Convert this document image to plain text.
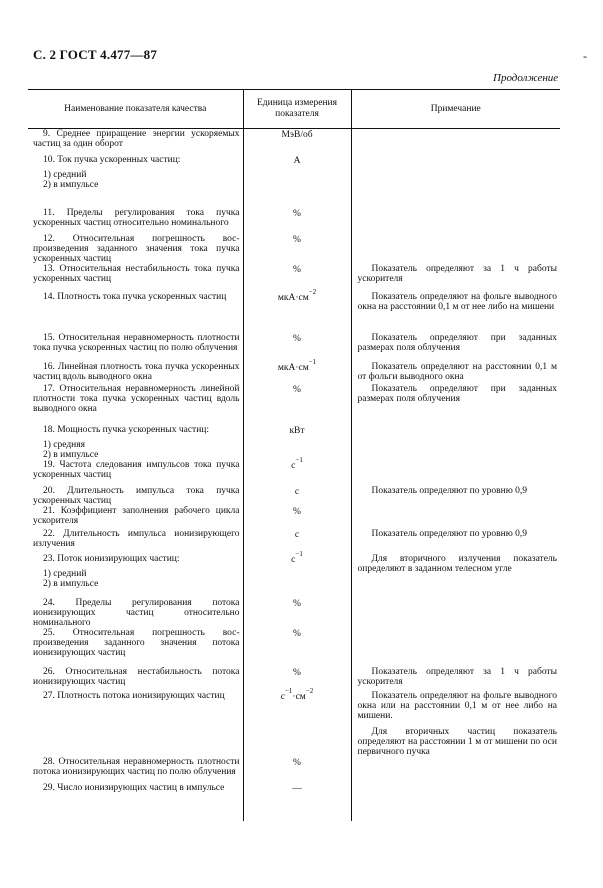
С. 2 ГОСТ 4.477—87	-
Продолжение
Наименование показателя качества	Единица измерения показателя	Примечание

9. Среднее приращение энергии ускоряемых частиц за один оборот	МэВ/об	

10. Ток пучка ускоренных частиц:
1) средний
2) в импульсе	А	

11. Пределы регулирования тока пучка ускоренных частиц относительно номинального	%	

12. Относительная погрешность воспроизведения заданного значения тока пучка ускоренных частиц	%	

13. Относительная нестабильность тока пучка ускоренных частиц	%	Показатель определяют за 1 ч работы ускорителя

14. Плотность тока пучка ускоренных частиц	$мкА\cdot см^{-2}$	Показатель определяют на фольге выводного окна на расстоянии 0,1 м от нее либо на мишени

15. Относительная неравномерность плотности тока пучка ускоренных частиц по полю облучения	%	Показатель определяют при заданных размерах поля облучения

16. Линейная плотность тока пучка ускоренных частиц вдоль выводного окна	$мкА\cdot см^{-1}$	Показатель определяют на расстоянии 0,1 м от фольги выводного окна

17. Относительная неравномерность линейной плотности тока пучка ускоренных частиц вдоль выводного окна	%	Показатель определяют при заданных размерах поля облучения

18. Мощность пучка ускоренных частиц:
1) средняя
2) в импульсе	кВт	

19. Частота следования импульсов тока пучка ускоренных частиц	$с^{-1}$	

20. Длительность импульса тока пучка ускоренных частиц	с	Показатель определяют по уровню 0,9

21. Коэффициент заполнения рабочего цикла ускорителя	%	

22. Длительность импульса ионизирующего излучения	с	Показатель определяют по уровню 0,9

23. Поток ионизирующих частиц:
1) средний
2) в импульсе	$с^{-1}$	Для вторичного излучения показатель определяют в заданном телесном угле

24. Пределы регулирования потока ионизирующих частиц относительно номинального	%	

25. Относительная погрешность воспроизведения заданного значения потока ионизирующих частиц	%	

26. Относительная нестабильность потока ионизирующих частиц	%	Показатель определяют за 1 ч работы ускорителя

27. Плотность потока ионизирующих частиц	$с^{-1}\cdot см^{-2}$	Показатель определяют на фольге выводного окна или на расстоянии 0,1 м от нее либо на мишени.
Для вторичных частиц показатель определяют на расстоянии 1 м от мишени по оси первичного пучка

28. Относительная неравномерность плотности потока ионизирующих частиц по полю облучения	%	

29. Число ионизирующих частиц в импульсе	—	
